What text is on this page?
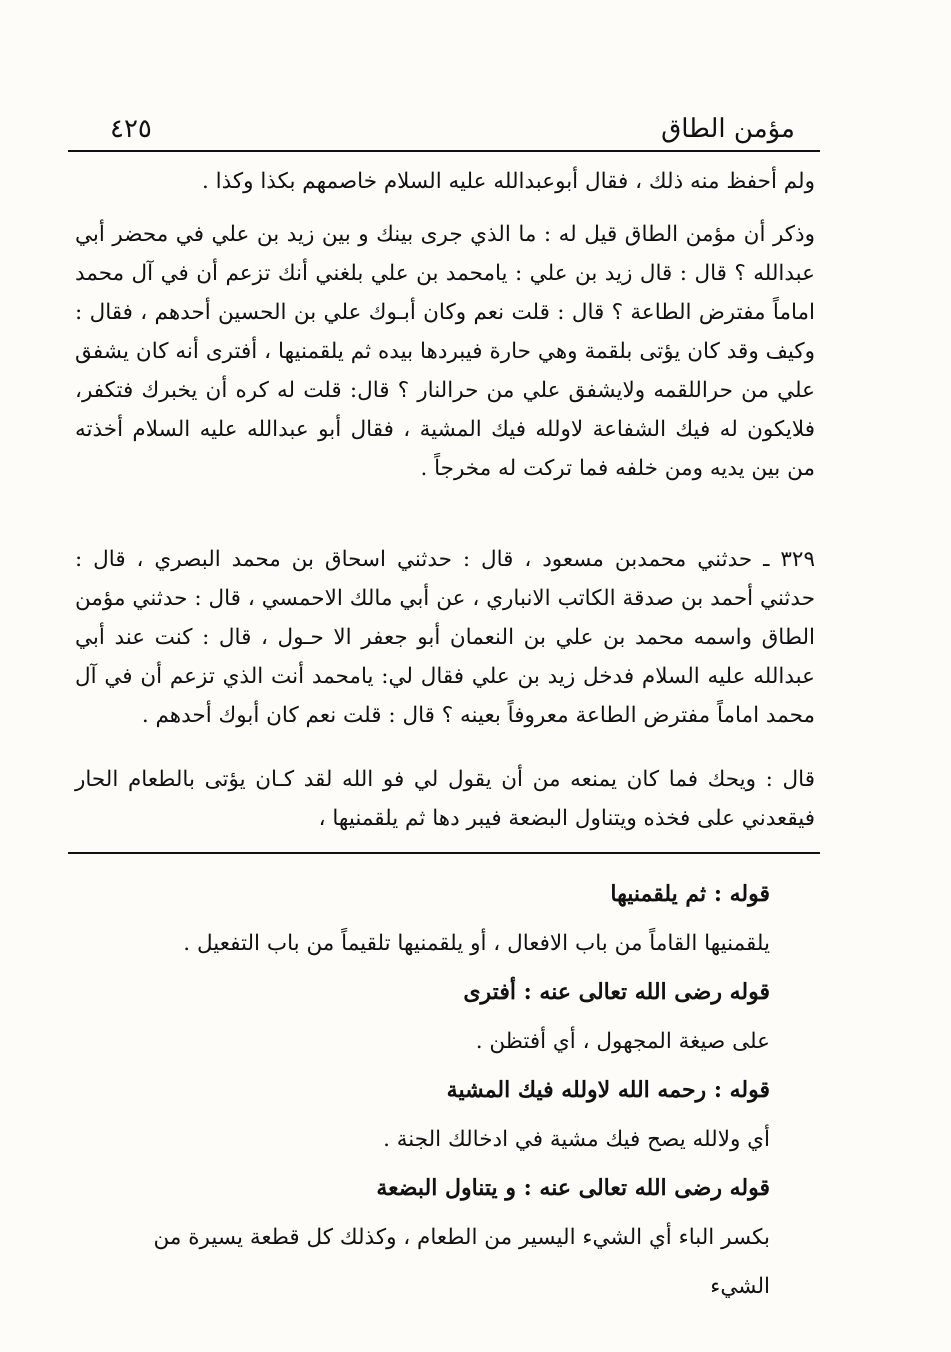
٤٢٥	مؤمن الطاق

ولم أحفظ منه ذلك ، فقال أبوعبدالله عليه السلام خاصمهم بكذا وكذا .

وذكر أن مؤمن الطاق قيل له : ما الذي جرى بينك و بين زيد بن علي في محضر أبي عبدالله ؟ قال : قال زيد بن علي : يامحمد بن علي بلغني أنك تزعم أن في آل محمد اماماً مفترض الطاعة ؟ قال : قلت نعم وكان أبـوك علي بن الحسين أحدهم ، فقال : وكيف وقد كان يؤتى بلقمة وهي حارة فيبردها بيده ثم يلقمنيها ، أفترى أنه كان يشفق علي من حراللقمه ولايشفق علي من حرالنار ؟ قال: قلت له كره أن يخبرك فتكفر، فلايكون له فيك الشفاعة لاولله فيك المشية ، فقال أبو عبدالله عليه السلام أخذته من بين يديه ومن خلفه فما تركت له مخرجاً .

٣٢٩ ـ حدثني محمدبن مسعود ، قال : حدثني اسحاق بن محمد البصري ، قال : حدثني أحمد بن صدقة الكاتب الانباري ، عن أبي مالك الاحمسي ، قال : حدثني مؤمن الطاق واسمه محمد بن علي بن النعمان أبو جعفر الا حـول ، قال : كنت عند أبي عبدالله عليه السلام فدخل زيد بن علي فقال لي: يامحمد أنت الذي تزعم أن في آل محمد اماماً مفترض الطاعة معروفاً بعينه ؟ قال : قلت نعم كان أبوك أحدهم .

قال : ويحك فما كان يمنعه من أن يقول لي فو الله لقد كـان يؤتى بالطعام الحار فيقعدني على فخذه ويتناول البضعة فيبر دها ثم يلقمنيها ،

قوله : ثم يلقمنيها

يلقمنيها القاماً من باب الافعال ، أو يلقمنيها تلقيماً من باب التفعيل .

قوله رضى الله تعالى عنه : أفترى

على صيغة المجهول ، أي أفتظن .

قوله : رحمه الله لاولله فيك المشية

أي ولالله يصح فيك مشية في ادخالك الجنة .

قوله رضى الله تعالى عنه : و يتناول البضعة

بكسر الباء أي الشيء اليسير من الطعام ، وكذلك كل قطعة يسيرة من الشيء
